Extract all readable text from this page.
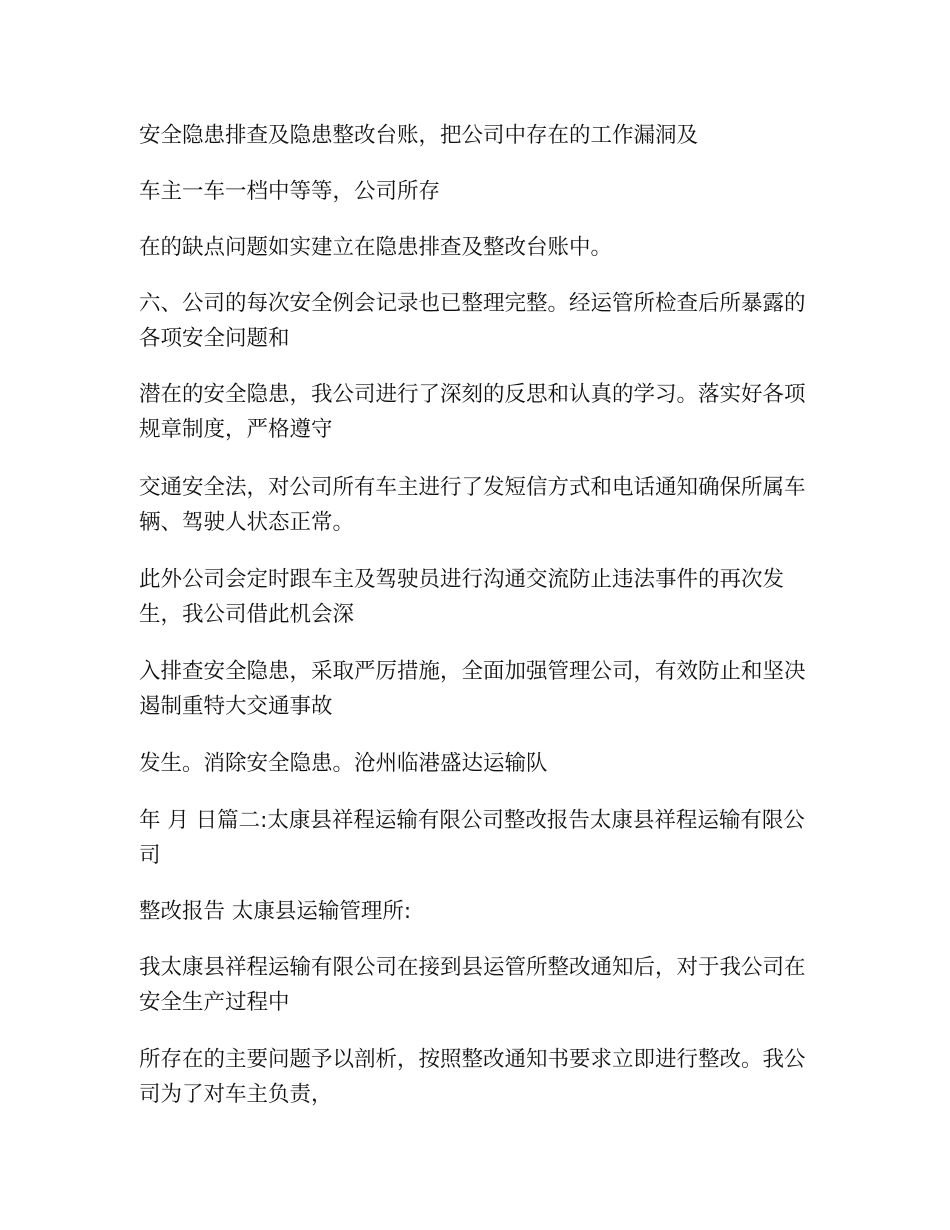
安全隐患排查及隐患整改台账，把公司中存在的工作漏洞及

车主一车一档中等等，公司所存

在的缺点问题如实建立在隐患排查及整改台账中。

六、公司的每次安全例会记录也已整理完整。经运管所检查后所暴露的各项安全问题和

潜在的安全隐患，我公司进行了深刻的反思和认真的学习。落实好各项规章制度，严格遵守

交通安全法，对公司所有车主进行了发短信方式和电话通知确保所属车辆、驾驶人状态正常。

此外公司会定时跟车主及驾驶员进行沟通交流防止违法事件的再次发生，我公司借此机会深

入排查安全隐患，采取严厉措施，全面加强管理公司，有效防止和坚决遏制重特大交通事故

发生。消除安全隐患。沧州临港盛达运输队

年 月 日篇二:太康县祥程运输有限公司整改报告太康县祥程运输有限公司

整改报告 太康县运输管理所:

我太康县祥程运输有限公司在接到县运管所整改通知后，对于我公司在安全生产过程中

所存在的主要问题予以剖析，按照整改通知书要求立即进行整改。我公司为了对车主负责，
